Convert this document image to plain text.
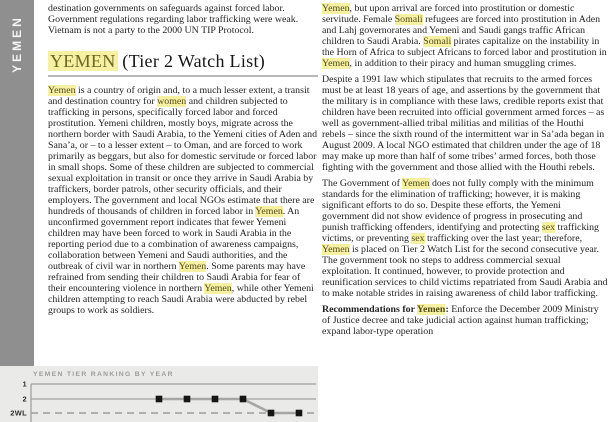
YEMEN

destination governments on safeguards against forced labor. Government regulations regarding labor trafficking were weak. Vietnam is not a party to the 2000 UN TIP Protocol.

YEMEN (Tier 2 Watch List)

Yemen is a country of origin and, to a much lesser extent, a transit and destination country for women and children subjected to trafficking in persons, specifically forced labor and forced prostitution. Yemeni children, mostly boys, migrate across the northern border with Saudi Arabia, to the Yemeni cities of Aden and Sana’a, or – to a lesser extent – to Oman, and are forced to work primarily as beggars, but also for domestic servitude or forced labor in small shops. Some of these children are subjected to commercial sexual exploitation in transit or once they arrive in Saudi Arabia by traffickers, border patrols, other security officials, and their employers. The government and local NGOs estimate that there are hundreds of thousands of children in forced labor in Yemen. An unconfirmed government report indicates that fewer Yemeni children may have been forced to work in Saudi Arabia in the reporting period due to a combination of awareness campaigns, collaboration between Yemeni and Saudi authorities, and the outbreak of civil war in northern Yemen. Some parents may have refrained from sending their children to Saudi Arabia for fear of their encountering violence in northern Yemen, while other Yemeni children attempting to reach Saudi Arabia were abducted by rebel groups to work as soldiers.

Yemen, but upon arrival are forced into prostitution or domestic servitude. Female Somali refugees are forced into prostitution in Aden and Lahj governorates and Yemeni and Saudi gangs traffic African children to Saudi Arabia. Somali pirates capitalize on the instability in the Horn of Africa to subject Africans to forced labor and prostitution in Yemen, in addition to their piracy and human smuggling crimes.

Despite a 1991 law which stipulates that recruits to the armed forces must be at least 18 years of age, and assertions by the government that the military is in compliance with these laws, credible reports exist that children have been recruited into official government armed forces – as well as government-allied tribal militias and militias of the Houthi rebels – since the sixth round of the intermittent war in Sa’ada began in August 2009. A local NGO estimated that children under the age of 18 may make up more than half of some tribes’ armed forces, both those fighting with the government and those allied with the Houthi rebels.

The Government of Yemen does not fully comply with the minimum standards for the elimination of trafficking; however, it is making significant efforts to do so. Despite these efforts, the Yemeni government did not show evidence of progress in prosecuting and punish trafficking offenders, identifying and protecting sex trafficking victims, or preventing sex trafficking over the last year; therefore, Yemen is placed on Tier 2 Watch List for the second consecutive year. The government took no steps to address commercial sexual exploitation. It continued, however, to provide protection and reunification services to child victims repatriated from Saudi Arabia and to make notable strides in raising awareness of child labor trafficking.

Recommendations for Yemen: Enforce the December 2009 Ministry of Justice decree and take judicial action against human trafficking; expand labor-type operation

1
2
2WL
YEMEN TIER RANKING BY YEAR
